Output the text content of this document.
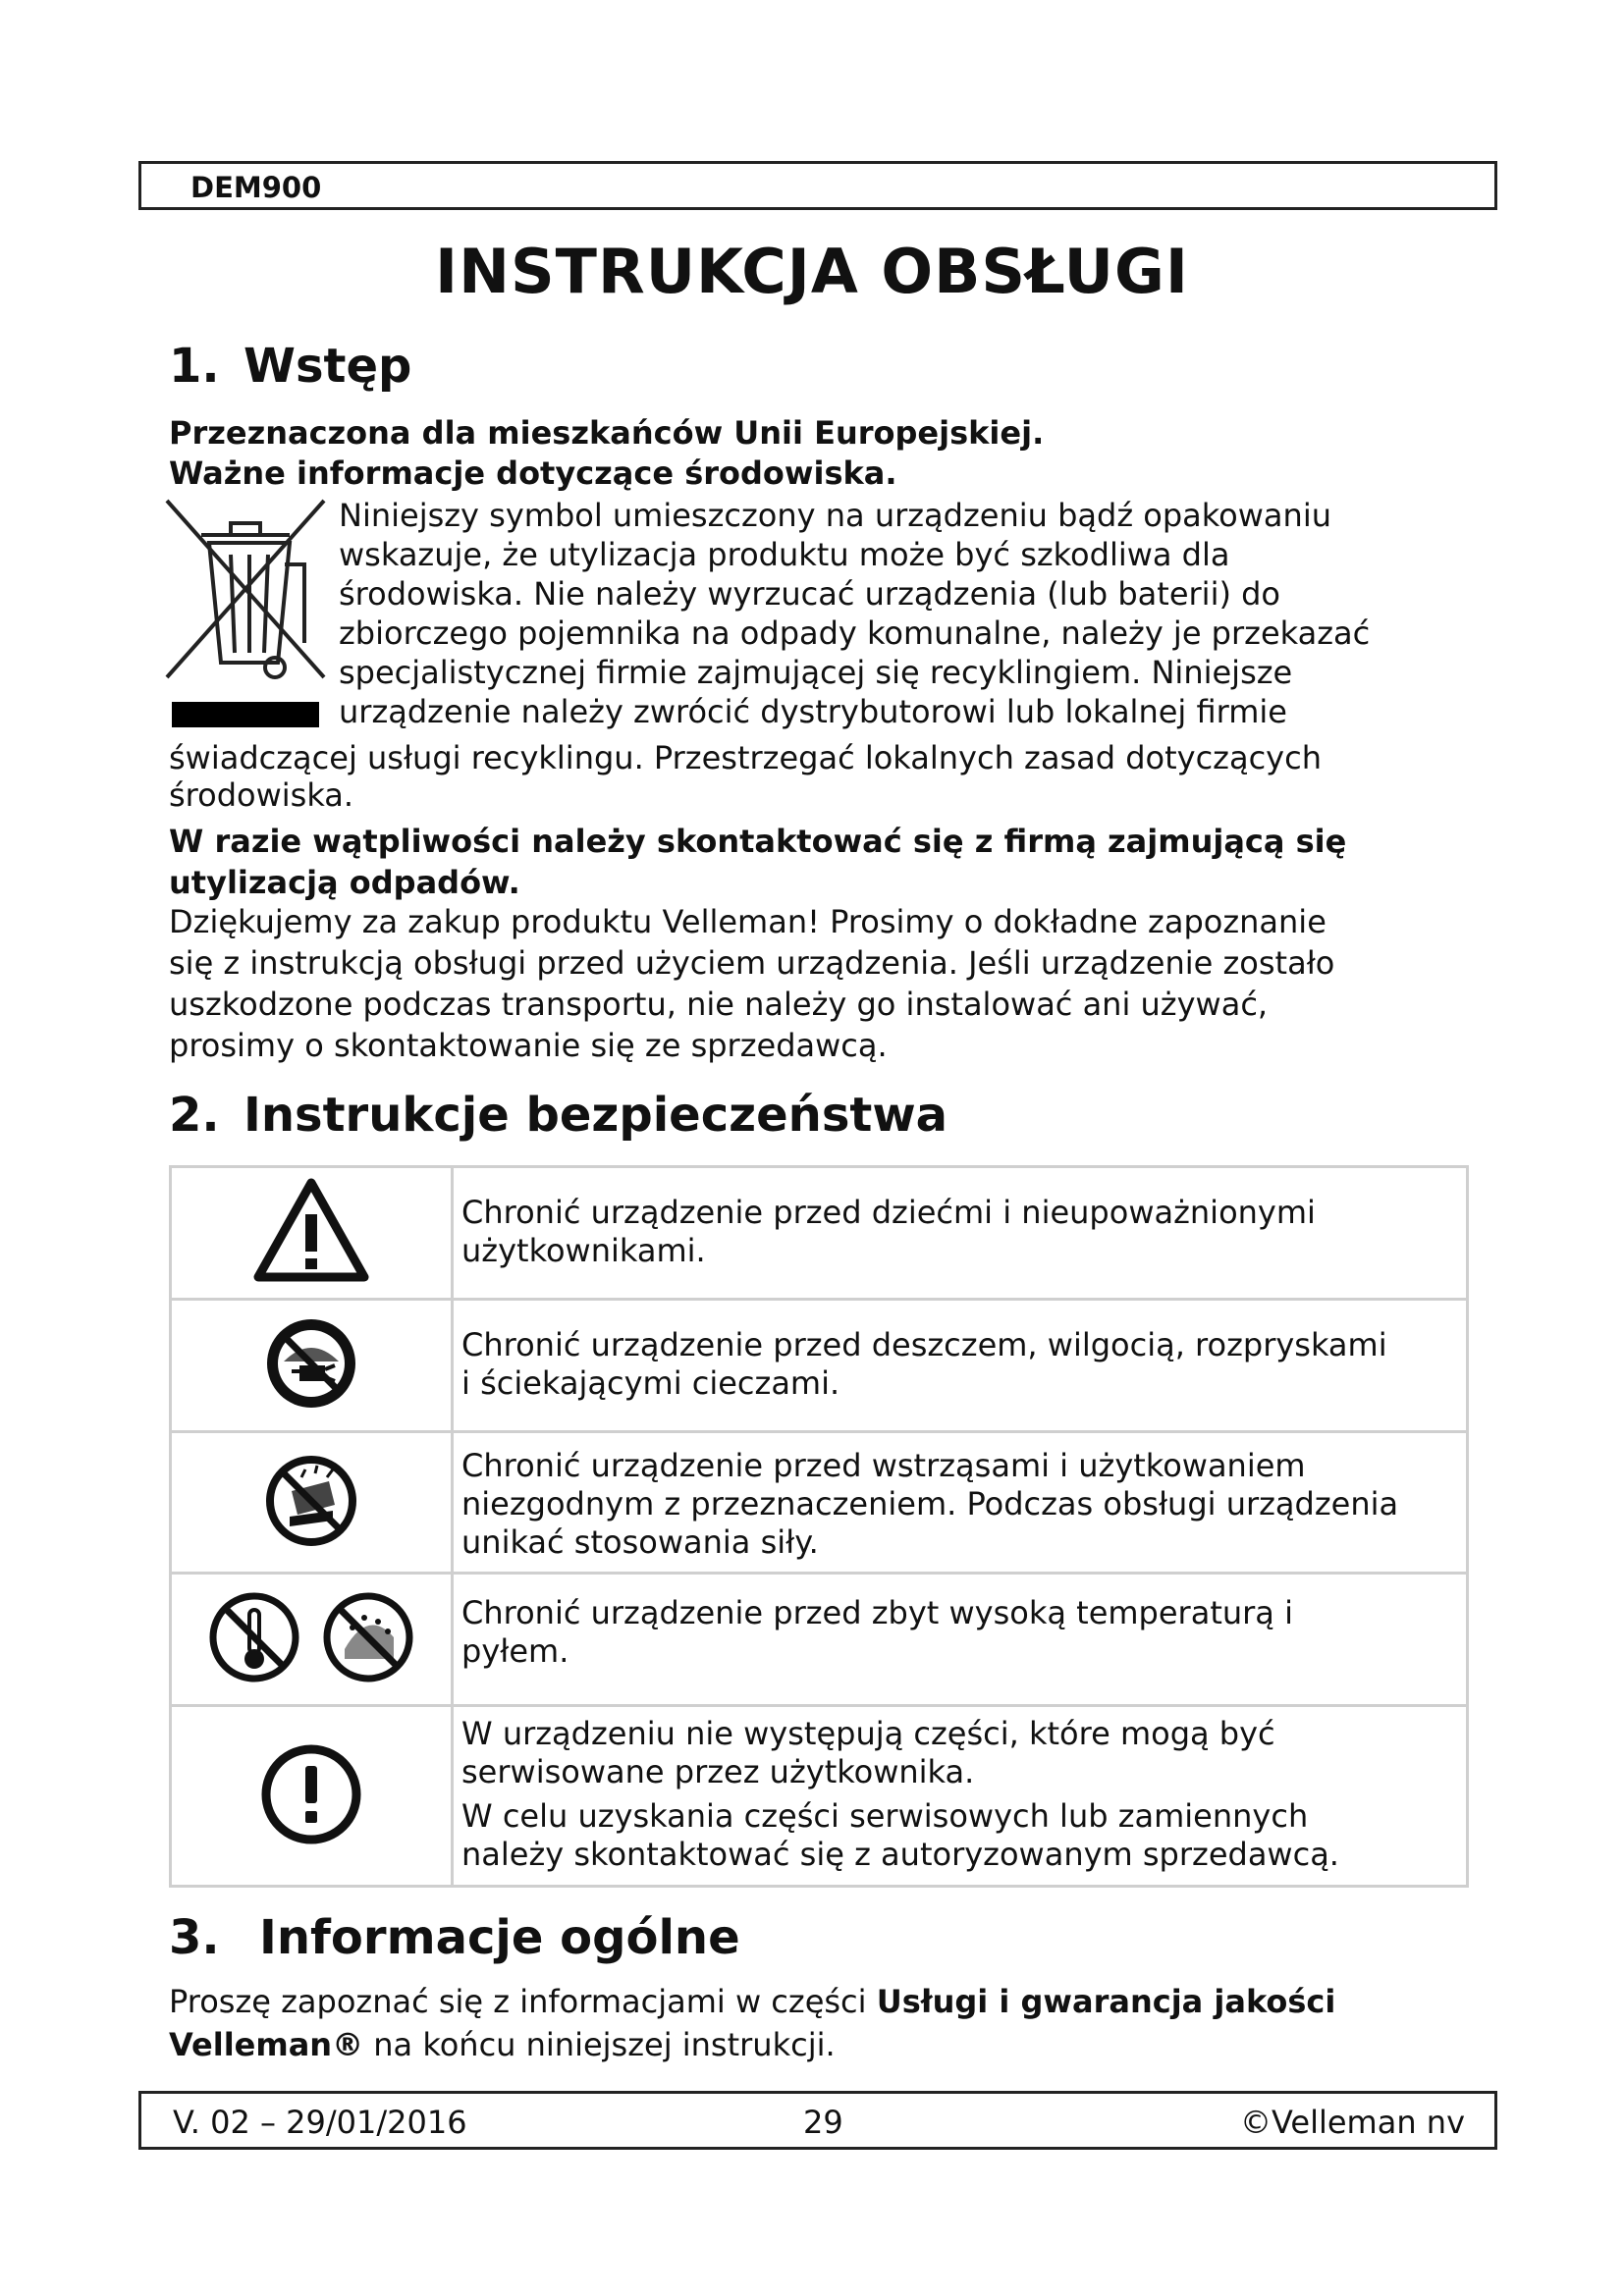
DEM900
INSTRUKCJA OBSŁUGI
1. Wstęp
Przeznaczona dla mieszkańców Unii Europejskiej.
Ważne informacje dotyczące środowiska.
Niniejszy symbol umieszczony na urządzeniu bądź opakowaniu
wskazuje, że utylizacja produktu może być szkodliwa dla
środowiska. Nie należy wyrzucać urządzenia (lub baterii) do
zbiorczego pojemnika na odpady komunalne, należy je przekazać
specjalistycznej firmie zajmującej się recyklingiem. Niniejsze
urządzenie należy zwrócić dystrybutorowi lub lokalnej firmie
świadczącej usługi recyklingu. Przestrzegać lokalnych zasad dotyczących
środowiska.
W razie wątpliwości należy skontaktować się z firmą zajmującą się
utylizacją odpadów.
Dziękujemy za zakup produktu Velleman! Prosimy o dokładne zapoznanie
się z instrukcją obsługi przed użyciem urządzenia. Jeśli urządzenie zostało
uszkodzone podczas transportu, nie należy go instalować ani używać,
prosimy o skontaktowanie się ze sprzedawcą.
2. Instrukcje bezpieczeństwa

Chronić urządzenie przed dziećmi i nieupoważnionymi
użytkownikami.

Chronić urządzenie przed deszczem, wilgocią, rozpryskami
i ściekającymi cieczami.

Chronić urządzenie przed wstrząsami i użytkowaniem
niezgodnym z przeznaczeniem. Podczas obsługi urządzenia
unikać stosowania siły.

Chronić urządzenie przed zbyt wysoką temperaturą i
pyłem.

W urządzeniu nie występują części, które mogą być
serwisowane przez użytkownika.
W celu uzyskania części serwisowych lub zamiennych
należy skontaktować się z autoryzowanym sprzedawcą.
3. Informacje ogólne
Proszę zapoznać się z informacjami w części Usługi i gwarancja jakości
Velleman® na końcu niniejszej instrukcji.
V. 02 – 29/01/2016	29	©Velleman nv
